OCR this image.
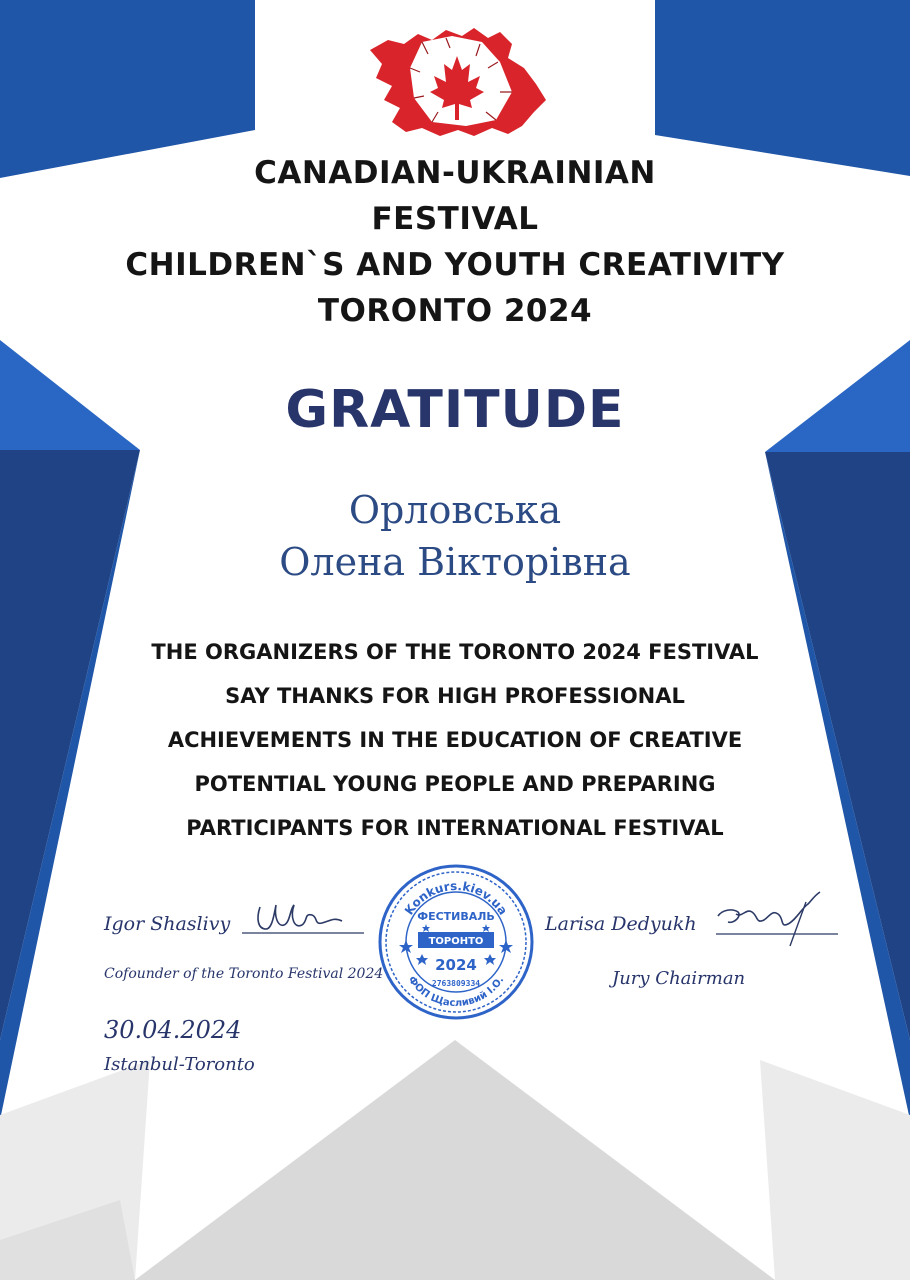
CANADIAN-UKRAINIAN
FESTIVAL
CHILDREN`S AND YOUTH CREATIVITY
TORONTO 2024
GRATITUDE
Орловська
Олена Вікторівна
THE ORGANIZERS OF THE TORONTO 2024 FESTIVAL
SAY THANKS FOR HIGH PROFESSIONAL
ACHIEVEMENTS IN THE EDUCATION OF CREATIVE
POTENTIAL YOUNG PEOPLE AND PREPARING
PARTICIPANTS FOR INTERNATIONAL FESTIVAL
Igor Shaslivy
Cofounder of the Toronto Festival 2024
Konkurs.kiev.ua
ФОП Щасливий І.О.
ФЕСТИВАЛЬ
ТОРОНТО
2024
2763809334
Larisa Dedyukh
Jury Chairman
30.04.2024
Istanbul-Toronto
